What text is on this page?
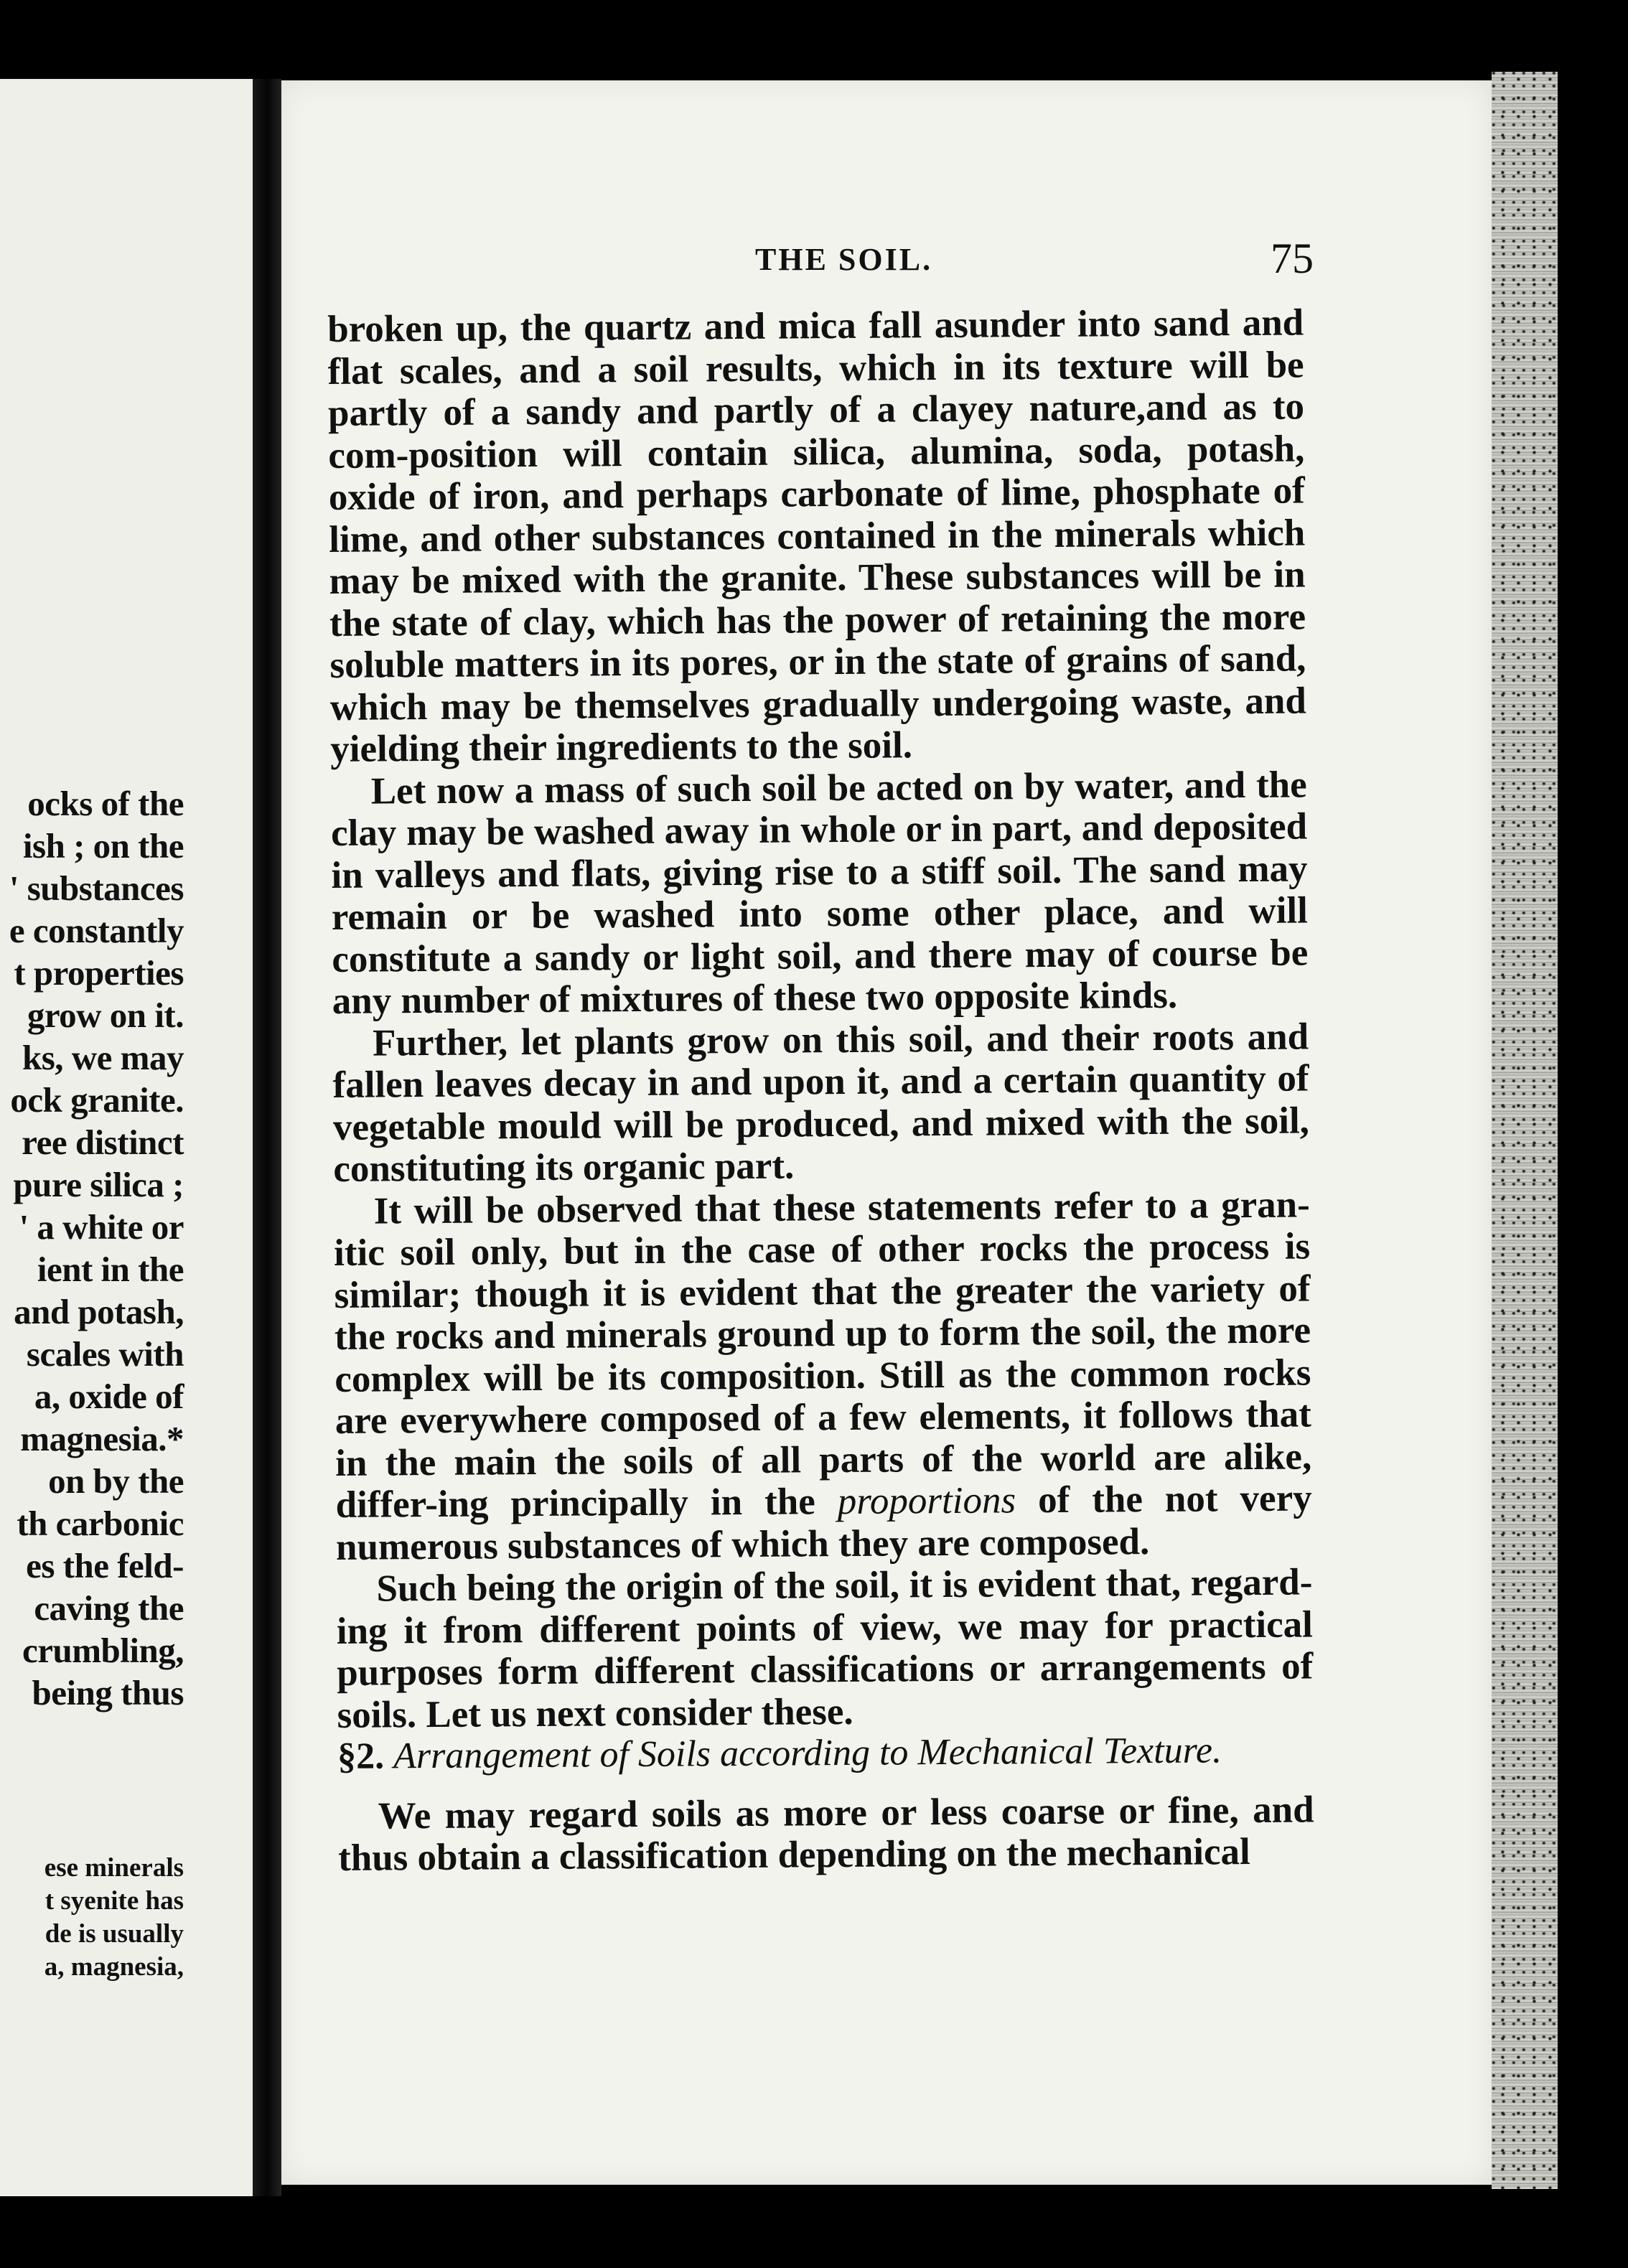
ocks of the
ish ; on the
' substances
e constantly
t properties
grow on it.
ks, we may
ock granite.
ree distinct
pure silica ;
' a white or
ient in the
and potash,
scales with
a, oxide of
magnesia.*
on by the
th carbonic
es the feld-
caving the
crumbling,
being thus
ese minerals
t syenite has
de is usually
a, magnesia,
THE SOIL.	75

broken up, the quartz and mica fall asunder into sand and flat scales, and a soil results, which in its texture will be partly of a sandy and partly of a clayey nature,and as to com-position will contain silica, alumina, soda, potash, oxide of iron, and perhaps carbonate of lime, phosphate of lime, and other substances contained in the minerals which may be mixed with the granite. These substances will be in the state of clay, which has the power of retaining the more soluble matters in its pores, or in the state of grains of sand, which may be themselves gradually undergoing waste, and yielding their ingredients to the soil.

Let now a mass of such soil be acted on by water, and the clay may be washed away in whole or in part, and deposited in valleys and flats, giving rise to a stiff soil. The sand may remain or be washed into some other place, and will constitute a sandy or light soil, and there may of course be any number of mixtures of these two opposite kinds.

Further, let plants grow on this soil, and their roots and fallen leaves decay in and upon it, and a certain quantity of vegetable mould will be produced, and mixed with the soil, constituting its organic part.

It will be observed that these statements refer to a gran-itic soil only, but in the case of other rocks the process is similar; though it is evident that the greater the variety of the rocks and minerals ground up to form the soil, the more complex will be its composition. Still as the common rocks are everywhere composed of a few elements, it follows that in the main the soils of all parts of the world are alike, differ-ing principally in the proportions of the not very numerous substances of which they are composed.

Such being the origin of the soil, it is evident that, regard-ing it from different points of view, we may for practical purposes form different classifications or arrangements of soils. Let us next consider these.

§2. Arrangement of Soils according to Mechanical Texture.

We may regard soils as more or less coarse or fine, and thus obtain a classification depending on the mechanical
